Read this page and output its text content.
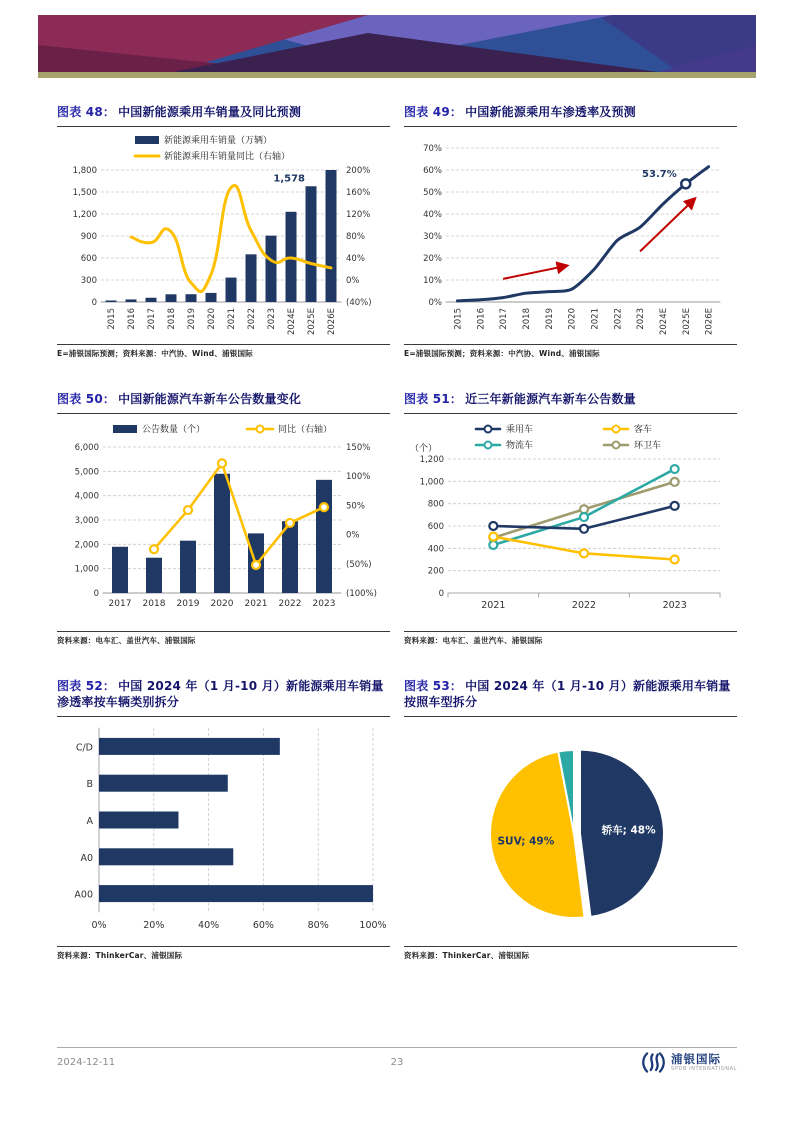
图表 48： 中国新能源乘用车销量及同比预测
0
300
600
900
1,200
1,500
1,800
(40%)
0%
40%
80%
120%
160%
200%
2015 2016 2017 2018 2019 2020 2021 2022 2023 2024E 2025E 2026E
1,578
新能源乘用车销量（万辆）
新能源乘用车销量同比（右轴）
E=浦银国际预测；资料来源：中汽协、Wind、浦银国际
图表 49： 中国新能源乘用车渗透率及预测
0%
10%
20%
30%
40%
50%
60%
70%
2015 2016 2017 2018 2019 2020 2021 2022 2023 2024E 2025E 2026E
53.7%
E=浦银国际预测；资料来源：中汽协、Wind、浦银国际
图表 50： 中国新能源汽车新车公告数量变化
0
1,000
2,000
3,000
4,000
5,000
6,000
(100%)
(50%)
0%
50%
100%
150%
2017 2018 2019 2020 2021 2022 2023
公告数量（个）	同比（右轴）
资料来源：电车汇、盖世汽车、浦银国际
图表 51： 近三年新能源汽车新车公告数量
0
200
400
600
800
1,000
1,200
2021	2022	2023
（个）
乘用车	客车
物流车	环卫车
资料来源：电车汇、盖世汽车、浦银国际
图表 52： 中国 2024 年（1 月-10 月）新能源乘用车销量渗透率按车辆类别拆分
0%	20%	40%	60%	80%	100%
C/D
B
A
A0
A00
资料来源：ThinkerCar、浦银国际
图表 53： 中国 2024 年（1 月-10 月）新能源乘用车销量按照车型拆分
轿车; 48%
SUV; 49%
资料来源：ThinkerCar、浦银国际
2024-12-11	23	浦银国际
SPDB INTERNATIONAL
